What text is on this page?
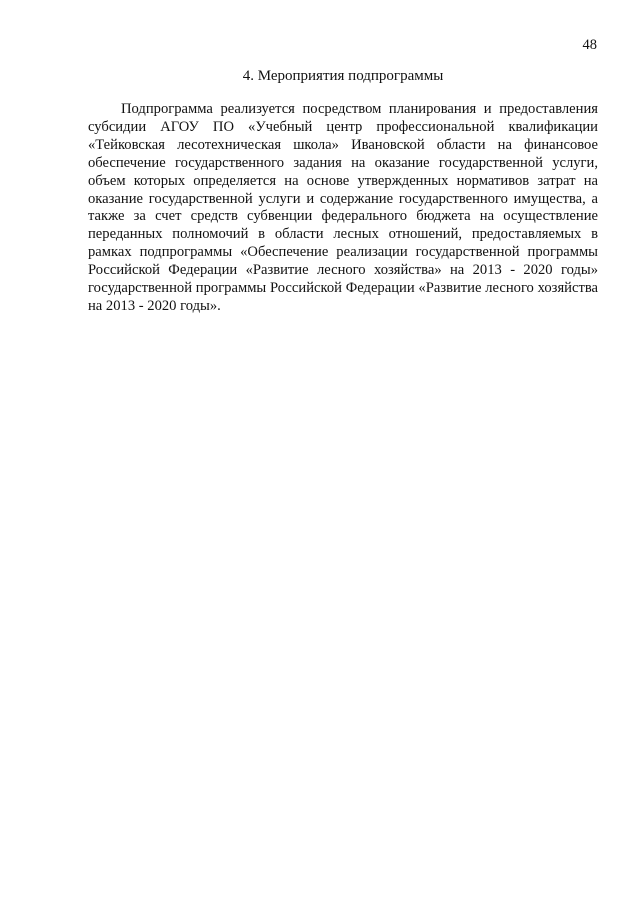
48
4. Мероприятия подпрограммы

Подпрограмма реализуется посредством планирования и предоставления субсидии АГОУ ПО «Учебный центр профессиональной квалификации «Тейковская лесотехническая школа» Ивановской области на финансовое обеспечение государственного задания на оказание государственной услуги, объем которых определяется на основе утвержденных нормативов затрат на оказание государственной услуги и содержание государственного имущества, а также за счет средств субвенции федерального бюджета на осуществление переданных полномочий в области лесных отношений, предоставляемых в рамках подпрограммы «Обеспечение реализации государственной программы Российской Федерации «Развитие лесного хозяйства» на 2013 - 2020 годы» государственной программы Российской Федерации «Развитие лесного хозяйства на 2013 - 2020 годы».
